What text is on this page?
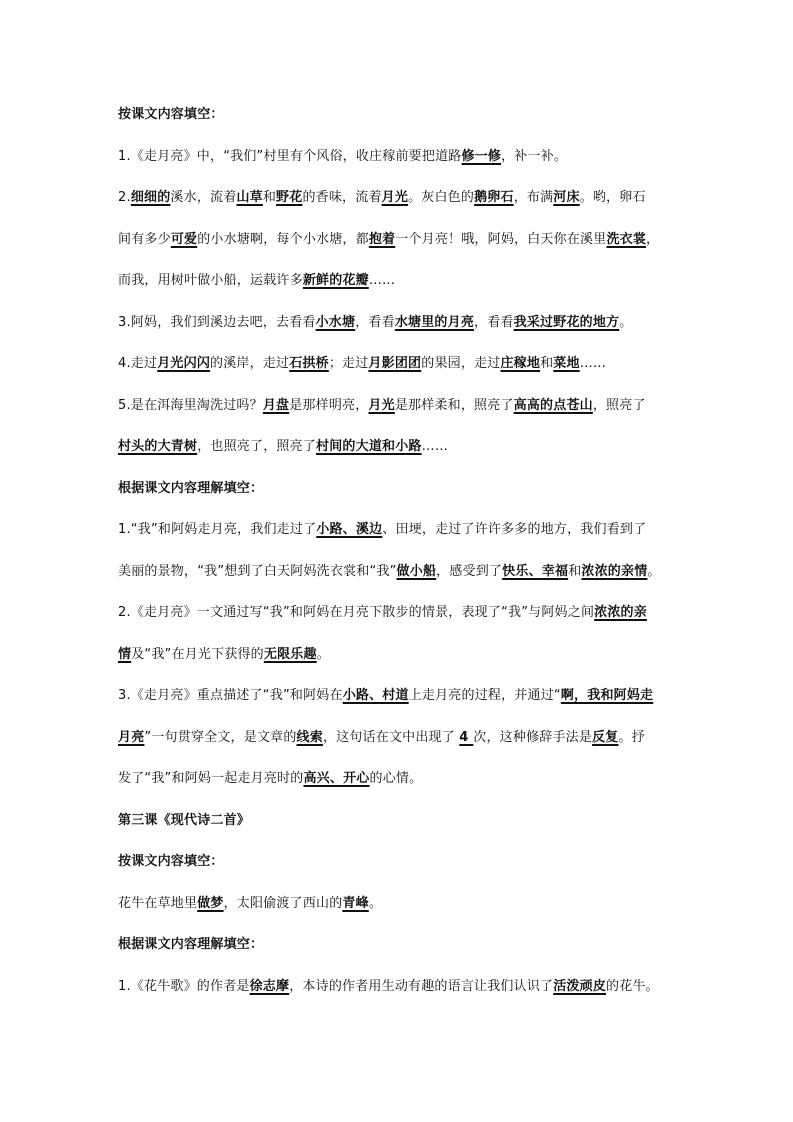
按课文内容填空：
1.《走月亮》中，“我们”村里有个风俗，收庄稼前要把道路修一修，补一补。
2.细细的溪水，流着山草和野花的香味，流着月光。灰白色的鹅卵石，布满河床。哟，卵石
间有多少可爱的小水塘啊，每个小水塘，都抱着一个月亮！哦，阿妈，白天你在溪里洗衣裳，
而我，用树叶做小船，运载许多新鲜的花瓣……
3.阿妈，我们到溪边去吧，去看看小水塘，看看水塘里的月亮，看看我采过野花的地方。
4.走过月光闪闪的溪岸，走过石拱桥；走过月影团团的果园，走过庄稼地和菜地……
5.是在洱海里淘洗过吗？月盘是那样明亮，月光是那样柔和，照亮了高高的点苍山，照亮了
村头的大青树，也照亮了，照亮了村间的大道和小路……
根据课文内容理解填空：
1.“我”和阿妈走月亮，我们走过了小路、溪边、田埂，走过了许许多多的地方，我们看到了
美丽的景物，“我”想到了白天阿妈洗衣裳和“我”做小船，感受到了快乐、幸福和浓浓的亲情。
2.《走月亮》一文通过写“我”和阿妈在月亮下散步的情景，表现了“我”与阿妈之间浓浓的亲
情及“我”在月光下获得的无限乐趣。
3.《走月亮》重点描述了“我”和阿妈在小路、村道上走月亮的过程，并通过“啊，我和阿妈走
月亮”一句贯穿全文，是文章的线索，这句话在文中出现了 4 次，这种修辞手法是反复。抒
发了“我”和阿妈一起走月亮时的高兴、开心的心情。
第三课《现代诗二首》
按课文内容填空：
花牛在草地里做梦，太阳偷渡了西山的青峰。
根据课文内容理解填空：
1.《花牛歌》的作者是徐志摩，本诗的作者用生动有趣的语言让我们认识了活泼顽皮的花牛。
